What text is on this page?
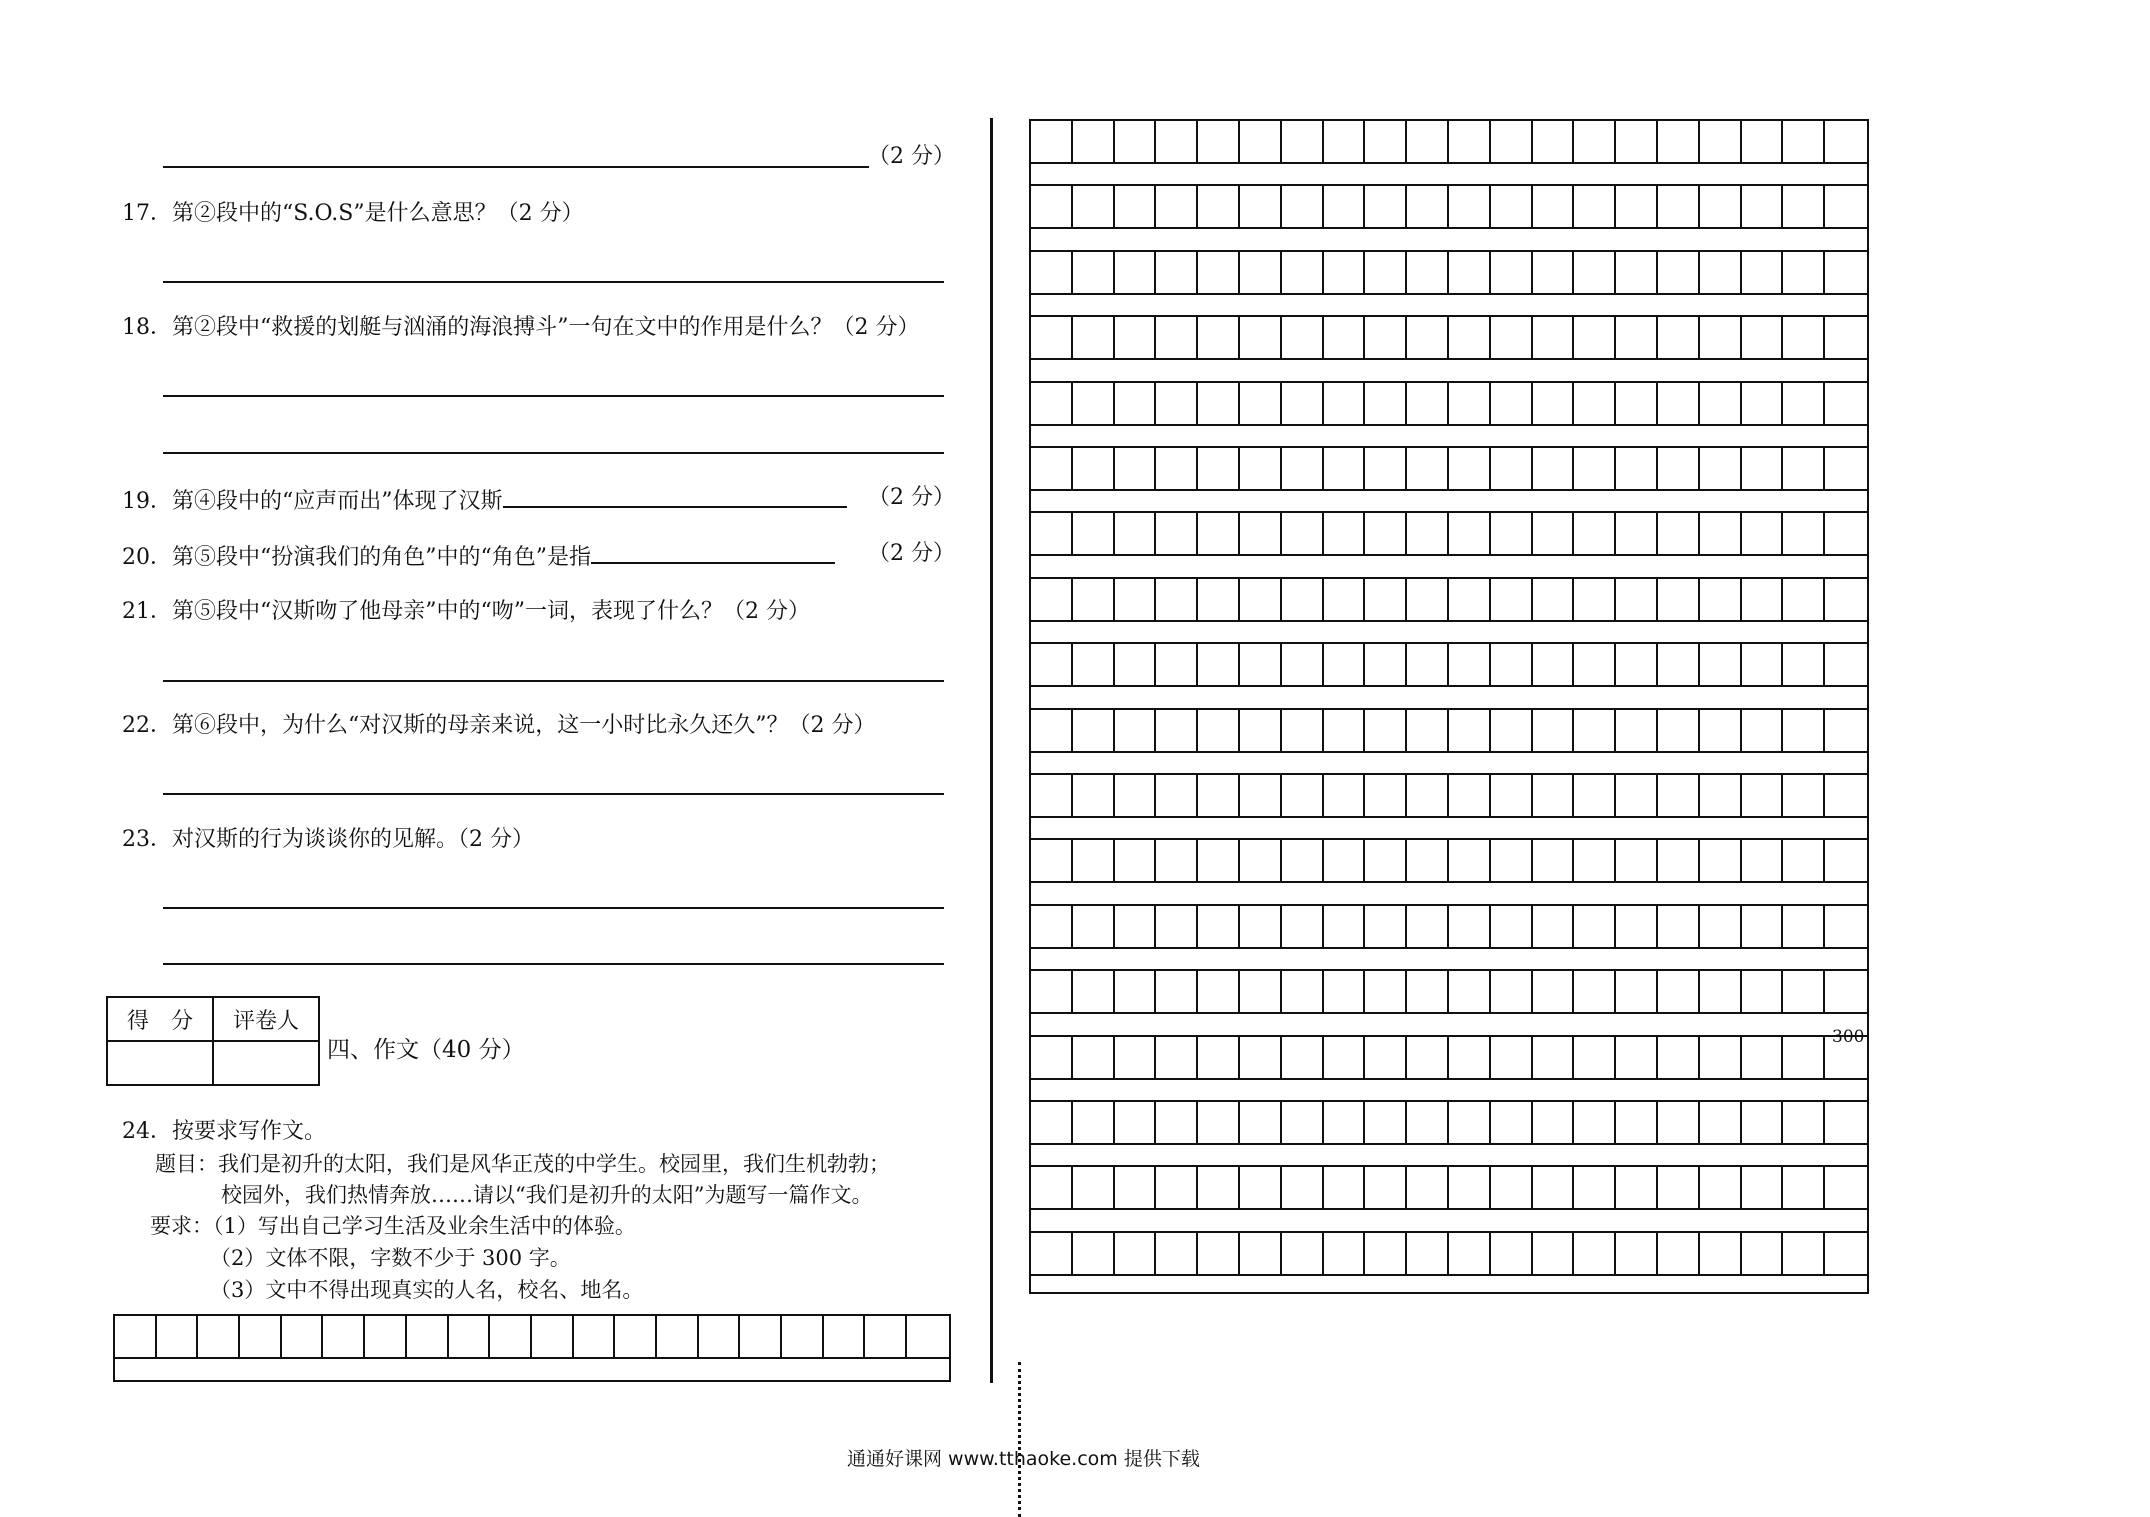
（2 分）
17．第②段中的“S.O.S”是什么意思？（2 分）
18．第②段中“救援的划艇与汹涌的海浪搏斗”一句在文中的作用是什么？（2 分）
19．第④段中的“应声而出”体现了汉斯	（2 分）
20．第⑤段中“扮演我们的角色”中的“角色”是指	（2 分）
21．第⑤段中“汉斯吻了他母亲”中的“吻”一词，表现了什么？（2 分）
22．第⑥段中，为什么“对汉斯的母亲来说，这一小时比永久还久”？（2 分）
23．对汉斯的行为谈谈你的见解。（2 分）
得　分	评卷人

四、作文（40 分）
24．按要求写作文。
题目：我们是初升的太阳，我们是风华正茂的中学生。校园里，我们生机勃勃；
校园外，我们热情奔放……请以“我们是初升的太阳”为题写一篇作文。
要求：（1）写出自己学习生活及业余生活中的体验。
（2）文体不限，字数不少于 300 字。
（3）文中不得出现真实的人名，校名、地名。
300
通通好课网 www.tthaoke.com 提供下载
